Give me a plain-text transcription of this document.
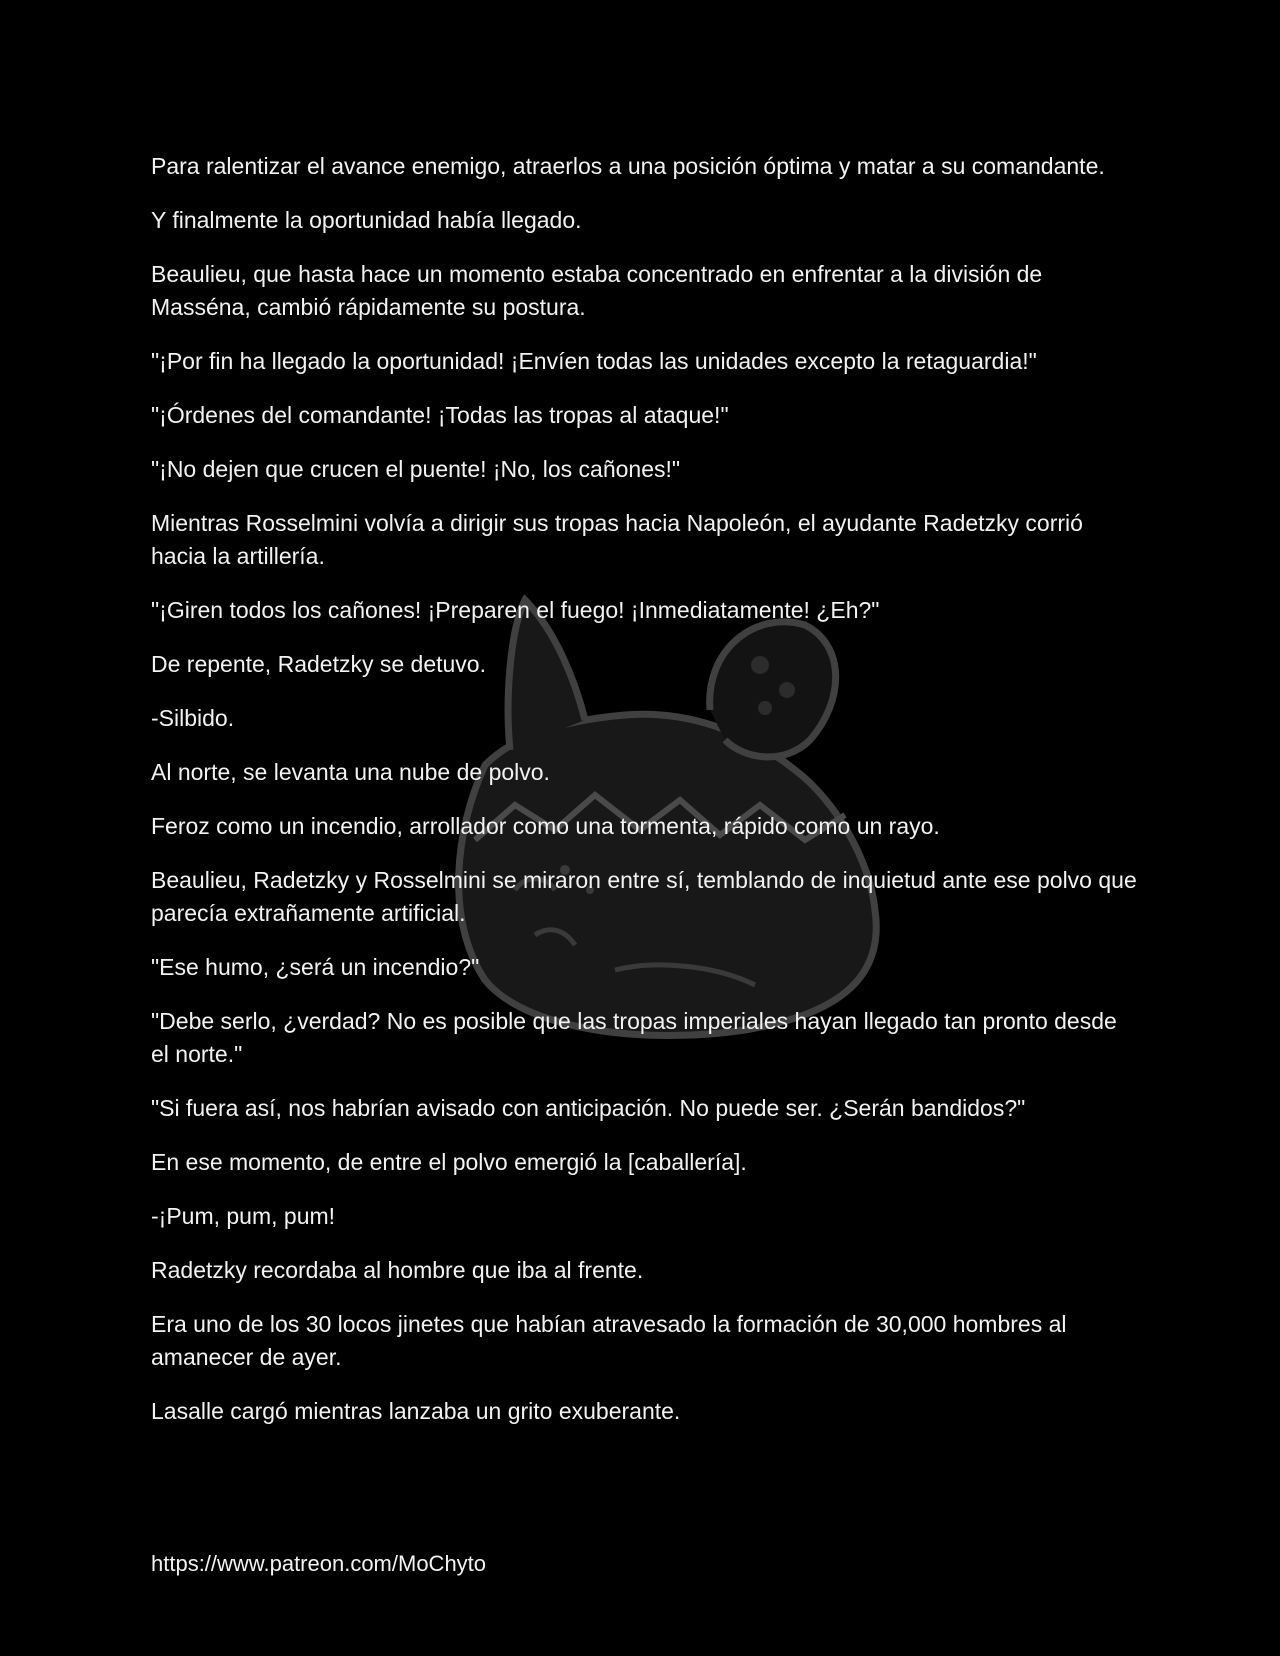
Para ralentizar el avance enemigo, atraerlos a una posición óptima y matar a su comandante.

Y finalmente la oportunidad había llegado.

Beaulieu, que hasta hace un momento estaba concentrado en enfrentar a la división de Masséna, cambió rápidamente su postura.

"¡Por fin ha llegado la oportunidad! ¡Envíen todas las unidades excepto la retaguardia!"

"¡Órdenes del comandante! ¡Todas las tropas al ataque!"

"¡No dejen que crucen el puente! ¡No, los cañones!"

Mientras Rosselmini volvía a dirigir sus tropas hacia Napoleón, el ayudante Radetzky corrió hacia la artillería.

"¡Giren todos los cañones! ¡Preparen el fuego! ¡Inmediatamente! ¿Eh?"

De repente, Radetzky se detuvo.

-Silbido.

Al norte, se levanta una nube de polvo.

Feroz como un incendio, arrollador como una tormenta, rápido como un rayo.

Beaulieu, Radetzky y Rosselmini se miraron entre sí, temblando de inquietud ante ese polvo que parecía extrañamente artificial.

"Ese humo, ¿será un incendio?"

"Debe serlo, ¿verdad? No es posible que las tropas imperiales hayan llegado tan pronto desde el norte."

"Si fuera así, nos habrían avisado con anticipación. No puede ser. ¿Serán bandidos?"

En ese momento, de entre el polvo emergió la [caballería].

-¡Pum, pum, pum!

Radetzky recordaba al hombre que iba al frente.

Era uno de los 30 locos jinetes que habían atravesado la formación de 30,000 hombres al amanecer de ayer.

Lasalle cargó mientras lanzaba un grito exuberante.

https://www.patreon.com/MoChyto
